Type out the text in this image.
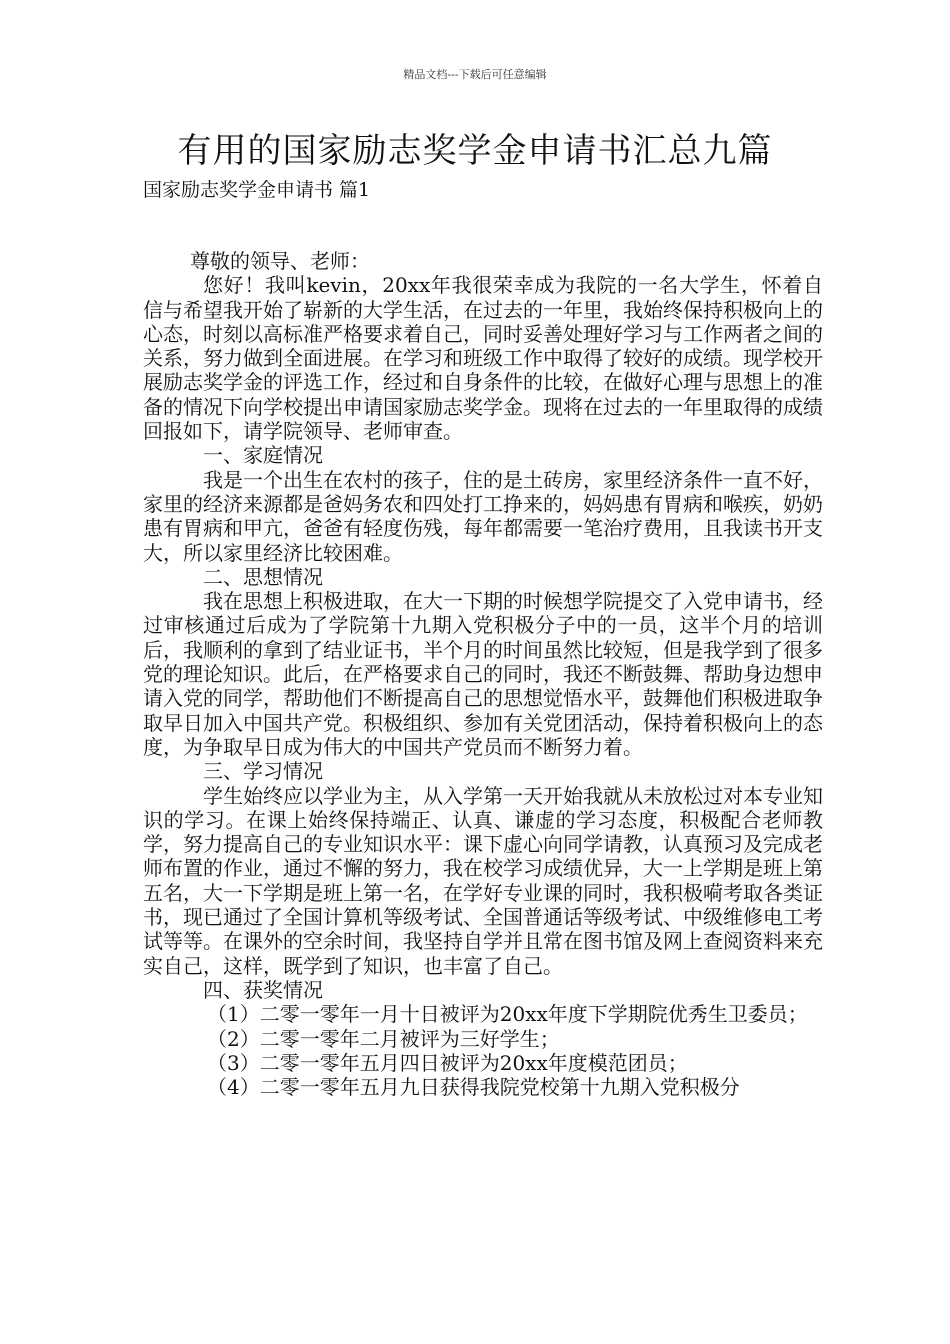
精品文档---下载后可任意编辑
有用的国家励志奖学金申请书汇总九篇
国家励志奖学金申请书 篇1

尊敬的领导、老师：

您好！我叫kevin，20xx年我很荣幸成为我院的一名大学生，怀着自信与希望我开始了崭新的大学生活，在过去的一年里，我始终保持积极向上的心态，时刻以高标准严格要求着自己，同时妥善处理好学习与工作两者之间的关系，努力做到全面进展。在学习和班级工作中取得了较好的成绩。现学校开展励志奖学金的评选工作，经过和自身条件的比较，在做好心理与思想上的准备的情况下向学校提出申请国家励志奖学金。现将在过去的一年里取得的成绩回报如下，请学院领导、老师审查。

一、家庭情况

我是一个出生在农村的孩子，住的是土砖房，家里经济条件一直不好，家里的经济来源都是爸妈务农和四处打工挣来的，妈妈患有胃病和喉疾，奶奶患有胃病和甲亢，爸爸有轻度伤残，每年都需要一笔治疗费用，且我读书开支大，所以家里经济比较困难。

二、思想情况

我在思想上积极进取，在大一下期的时候想学院提交了入党申请书，经过审核通过后成为了学院第十九期入党积极分子中的一员，这半个月的培训后，我顺利的拿到了结业证书，半个月的时间虽然比较短，但是我学到了很多党的理论知识。此后，在严格要求自己的同时，我还不断鼓舞、帮助身边想申请入党的同学，帮助他们不断提高自己的思想觉悟水平，鼓舞他们积极进取争取早日加入中国共产党。积极组织、参加有关党团活动，保持着积极向上的态度，为争取早日成为伟大的中国共产党员而不断努力着。

三、学习情况

学生始终应以学业为主，从入学第一天开始我就从未放松过对本专业知识的学习。在课上始终保持端正、认真、谦虚的学习态度，积极配合老师教学，努力提高自己的专业知识水平：课下虚心向同学请教，认真预习及完成老师布置的作业，通过不懈的努力，我在校学习成绩优异，大一上学期是班上第五名，大一下学期是班上第一名，在学好专业课的同时，我积极嗬考取各类证书，现已通过了全国计算机等级考试、全国普通话等级考试、中级维修电工考试等等。在课外的空余时间，我坚持自学并且常在图书馆及网上查阅资料来充实自己，这样，既学到了知识，也丰富了自己。

四、获奖情况

（1）二零一零年一月十日被评为20xx年度下学期院优秀生卫委员；

（2）二零一零年二月被评为三好学生；

（3）二零一零年五月四日被评为20xx年度模范团员；

（4）二零一零年五月九日获得我院党校第十九期入党积极分
